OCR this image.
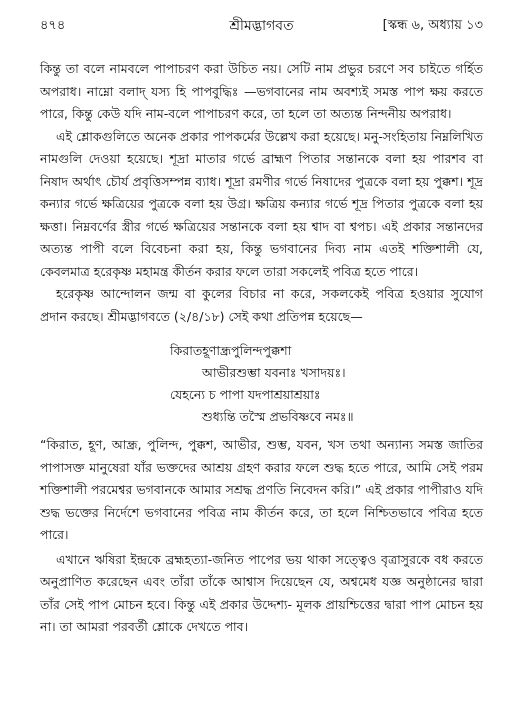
৪৭৪	শ্রীমদ্ভাগবত	[স্কন্ধ ৬, অধ্যায় ১৩

কিন্তু তা বলে নামবলে পাপাচরণ করা উচিত নয়। সেটি নাম প্রভুর চরণে সব চাইতে গর্হিত অপরাধ। নাম্নো বলাদ্ যস্য হি পাপবুদ্ধিঃ —ভগবানের নাম অবশ্যই সমস্ত পাপ ক্ষয় করতে পারে, কিন্তু কেউ যদি নাম-বলে পাপাচরণ করে, তা হলে তা অত্যন্ত নিন্দনীয় অপরাধ।

এই শ্লোকগুলিতে অনেক প্রকার পাপকর্মের উল্লেখ করা হয়েছে। মনু-সংহিতায় নিম্নলিখিত নামগুলি দেওয়া হয়েছে। শূদ্রা মাতার গর্ভে ব্রাহ্মণ পিতার সন্তানকে বলা হয় পারশব বা নিষাদ অর্থাৎ চৌর্য প্রবৃত্তিসম্পন্ন ব্যাধ। শূদ্রা রমণীর গর্ভে নিষাদের পুত্রকে বলা হয় পুক্কশ। শূদ্র কন্যার গর্ভে ক্ষত্রিয়ের পুত্রকে বলা হয় উগ্র। ক্ষত্রিয় কন্যার গর্ভে শূদ্র পিতার পুত্রকে বলা হয় ক্ষত্তা। নিম্নবর্ণের স্ত্রীর গর্ভে ক্ষত্রিয়ের সন্তানকে বলা হয় শ্বাদ বা শ্বপচ। এই প্রকার সন্তানদের অত্যন্ত পাপী বলে বিবেচনা করা হয়, কিন্তু ভগবানের দিব্য নাম এতই শক্তিশালী যে, কেবলমাত্র হরেকৃষ্ণ মহামন্ত্র কীর্তন করার ফলে তারা সকলেই পবিত্র হতে পারে।

হরেকৃষ্ণ আন্দোলন জন্ম বা কুলের বিচার না করে, সকলকেই পবিত্র হওয়ার সুযোগ প্রদান করছে। শ্রীমদ্ভাগবতে (২/৪/১৮) সেই কথা প্রতিপন্ন হয়েছে—

কিরাতহূণান্ধ্রপুলিন্দপুক্কশা
আভীরশুম্ভা যবনাঃ খসাদয়ঃ।
যেহন্যে চ পাপা যদপাশ্রয়াশ্রয়াঃ
শুধ্যন্তি তস্মৈ প্রভবিষ্ণবে নমঃ॥

“কিরাত, হূণ, আন্ধ্র, পুলিন্দ, পুক্কশ, আভীর, শুম্ভ, যবন, খস তথা অন্যান্য সমস্ত জাতির পাপাসক্ত মানুষেরা যাঁর ভক্তদের আশ্রয় গ্রহণ করার ফলে শুদ্ধ হতে পারে, আমি সেই পরম শক্তিশালী পরমেশ্বর ভগবানকে আমার সশ্রদ্ধ প্রণতি নিবেদন করি।” এই প্রকার পাপীরাও যদি শুদ্ধ ভক্তের নির্দেশে ভগবানের পবিত্র নাম কীর্তন করে, তা হলে নিশ্চিতভাবে পবিত্র হতে পারে।

এখানে ঋষিরা ইন্দ্রকে ব্রহ্মহত্যা-জনিত পাপের ভয় থাকা সত্ত্বেও বৃত্রাসুরকে বধ করতে অনুপ্রাণিত করেছেন এবং তাঁরা তাঁকে আশ্বাস দিয়েছেন যে, অশ্বমেধ যজ্ঞ অনুষ্ঠানের দ্বারা তাঁর সেই পাপ মোচন হবে। কিন্তু এই প্রকার উদ্দেশ্য- মূলক প্রায়শ্চিত্তের দ্বারা পাপ মোচন হয় না। তা আমরা পরবর্তী শ্লোকে দেখতে পাব।
